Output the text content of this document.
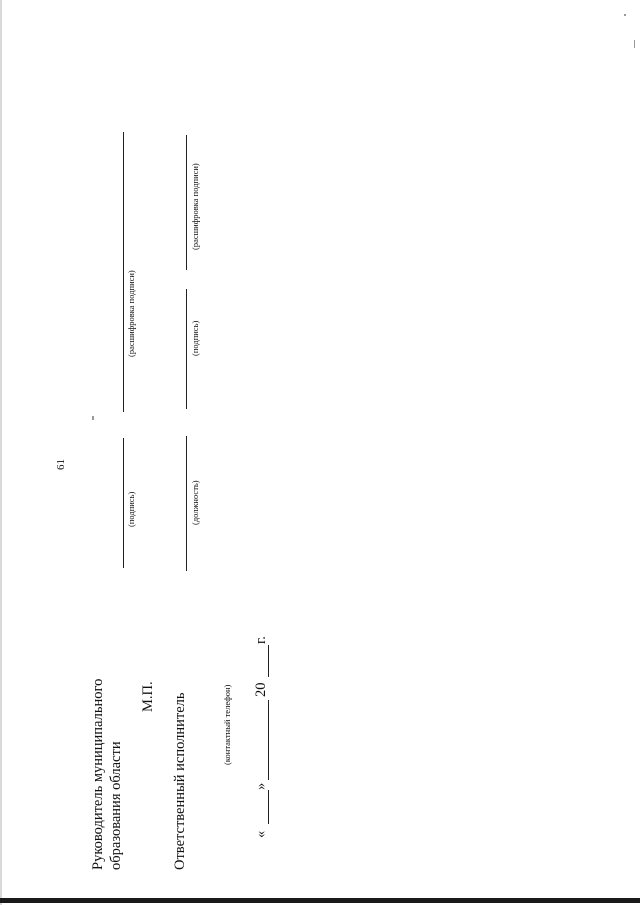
61
Руководитель муниципального образования области
(подпись)
(расшифровка подписи)
М.П. Ответственный исполнитель
(должность)
(подпись)
(расшифровка подписи)
(контактный телефон)
«
»
20
г.
